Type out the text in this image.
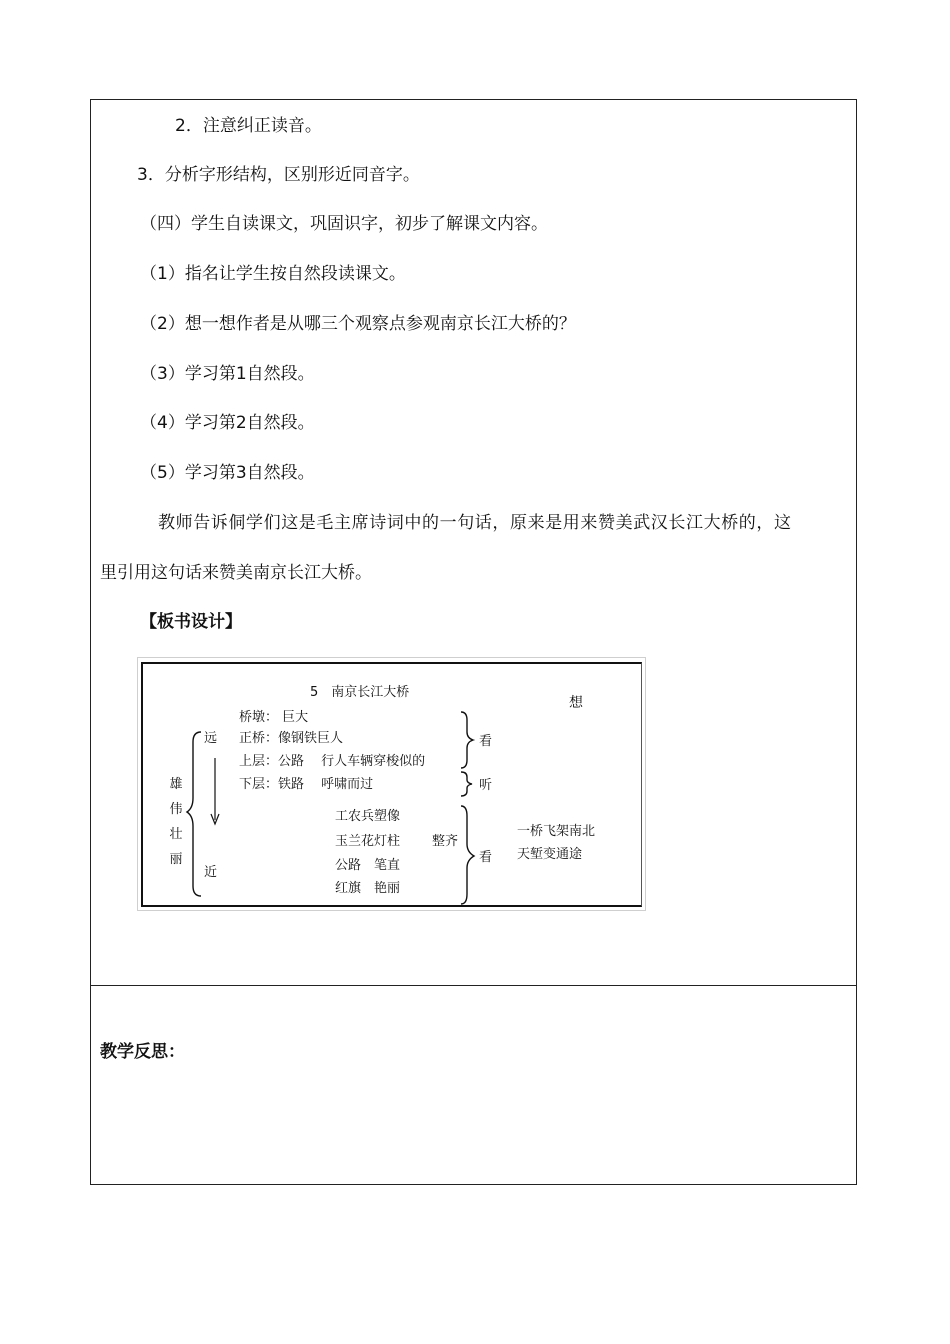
2．注意纠正读音。
3．分析字形结构，区别形近同音字。
（四）学生自读课文，巩固识字，初步了解课文内容。
（1）指名让学生按自然段读课文。
（2）想一想作者是从哪三个观察点参观南京长江大桥的？
（3）学习第1自然段。
（4）学习第2自然段。
（5）学习第3自然段。
教师告诉侗学们这是毛主席诗词中的一句话，原来是用来赞美武汉长江大桥的，这
里引用这句话来赞美南京长江大桥。
【板书设计】
5　南京长江大桥
想
雄伟壮丽
远
近
桥墩： 巨大
正桥：像钢铁巨人
上层：公路　 行人车辆穿梭似的
下层：铁路　 呼啸而过
看
听
看
工农兵塑像
玉兰花灯柱 整齐
公路　笔直
红旗　艳丽
一桥飞架南北
天堑变通途
教学反思：
